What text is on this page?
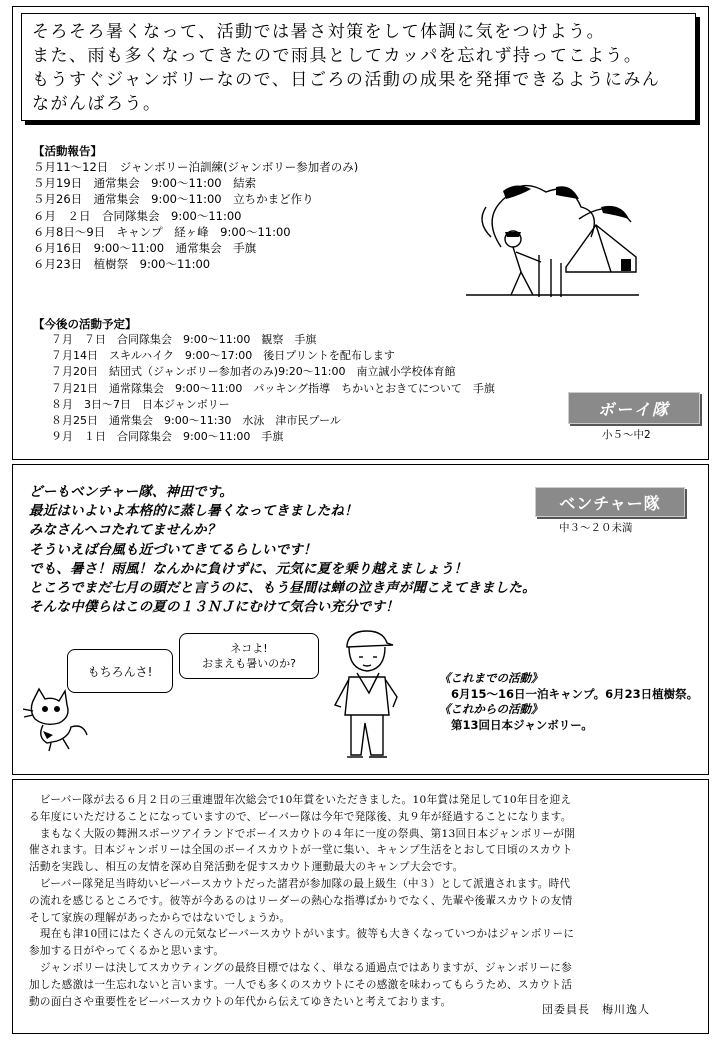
そろそろ暑くなって、活動では暑さ対策をして体調に気をつけよう。
また、雨も多くなってきたので雨具としてカッパを忘れず持ってこよう。
もうすぐジャンボリーなので、日ごろの活動の成果を発揮できるようにみん
ながんばろう。
【活動報告】
５月11～12日　ジャンボリー泊訓練(ジャンボリー参加者のみ)
５月19日　通常集会　9:00～11:00　結索
５月26日　通常集会　9:00～11:00　立ちかまど作り
６月　２日　合同隊集会　9:00～11:00
６月8日～9日　キャンプ　経ヶ峰　9:00～11:00
６月16日　9:00～11:00　通常集会　手旗
６月23日　植樹祭　9:00～11:00
【今後の活動予定】
７月　７日　合同隊集会　9:00～11:00　観察　手旗
７月14日　スキルハイク　9:00～17:00　後日プリントを配布します
７月20日　結団式（ジャンボリー参加者のみ)9:20～11:00　南立誠小学校体育館
７月21日　通常隊集会　9:00～11:00　パッキング指導　ちかいとおきてについて　手旗
８月　3日～7日　日本ジャンボリー
８月25日　通常集会　9:00～11:30　水泳　津市民プール
９月　１日　合同隊集会　9:00～11:00　手旗
ボーイ隊
小５～中2
どーもベンチャー隊、神田です。
最近はいよいよ本格的に蒸し暑くなってきましたね！
みなさんヘコたれてませんか？
そういえば台風も近づいてきてるらしいです！
でも、暑さ！雨風！なんかに負けずに、元気に夏を乗り越えましょう！
ところでまだ七月の頭だと言うのに、もう昼間は蝉の泣き声が聞こえてきました。
そんな中僕らはこの夏の１３ＮＪにむけて気合い充分です！
ベンチャー隊
中３～２０未満
もちろんさ!
ネコよ!
おまえも暑いのか?
《これまでの活動》
6月15～16日一泊キャンプ。6月23日植樹祭。
《これからの活動》
第13回日本ジャンボリー。
　ビーバー隊が去る６月２日の三重連盟年次総会で10年賞をいただきました。10年賞は発足して10年目を迎え
る年度にいただけることになっていますので、ビーバー隊は今年で発隊後、丸９年が経過することになります。
　まもなく大阪の舞洲スポーツアイランドでボーイスカウトの４年に一度の祭典、第13回日本ジャンボリーが開
催されます。日本ジャンボリーは全国のボーイスカウトが一堂に集い、キャンプ生活をとおして日頃のスカウト
活動を実践し、相互の友情を深め自発活動を促すスカウト運動最大のキャンプ大会です。
　ビーバー隊発足当時幼いビーバースカウトだった諸君が参加隊の最上級生（中３）として派遣されます。時代
の流れを感じるところです。彼等が今あるのはリーダーの熱心な指導ばかりでなく、先輩や後輩スカウトの友情
そして家族の理解があったからではないでしょうか。
　現在も津10団にはたくさんの元気なビーバースカウトがいます。彼等も大きくなっていつかはジャンボリーに
参加する日がやってくるかと思います。
　ジャンボリーは決してスカウティングの最終目標ではなく、単なる通過点ではありますが、ジャンボリーに参
加した感激は一生忘れないと言います。一人でも多くのスカウトにその感激を味わってもらうため、スカウト活
動の面白さや重要性をビーバースカウトの年代から伝えてゆきたいと考えております。
団委員長　梅川逸人
